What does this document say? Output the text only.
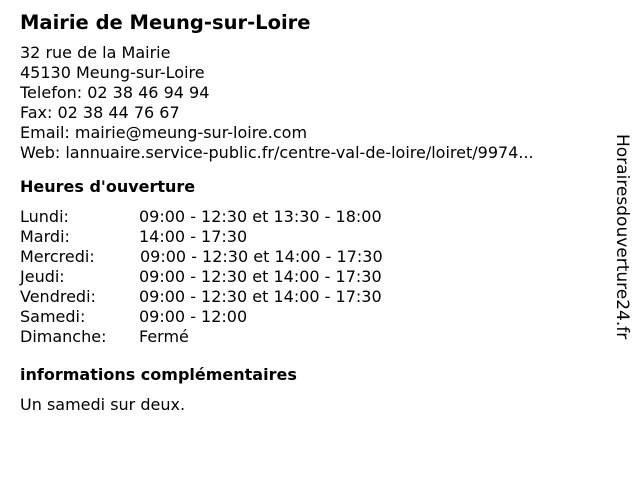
Mairie de Meung-sur-Loire
32 rue de la Mairie
45130 Meung-sur-Loire
Telefon: 02 38 46 94 94
Fax: 02 38 44 76 67
Email: mairie@meung-sur-loire.com
Web: lannuaire.service-public.fr/centre-val-de-loire/loiret/9974...
Heures d'ouverture
Lundi:	09:00 - 12:30 et 13:30 - 18:00
Mardi:	14:00 - 17:30
Mercredi:	09:00 - 12:30 et 14:00 - 17:30
Jeudi:	09:00 - 12:30 et 14:00 - 17:30
Vendredi:	09:00 - 12:30 et 14:00 - 17:30
Samedi:	09:00 - 12:00
Dimanche: Fermé
informations complémentaires
Un samedi sur deux.
Horairesdouverture24.fr
